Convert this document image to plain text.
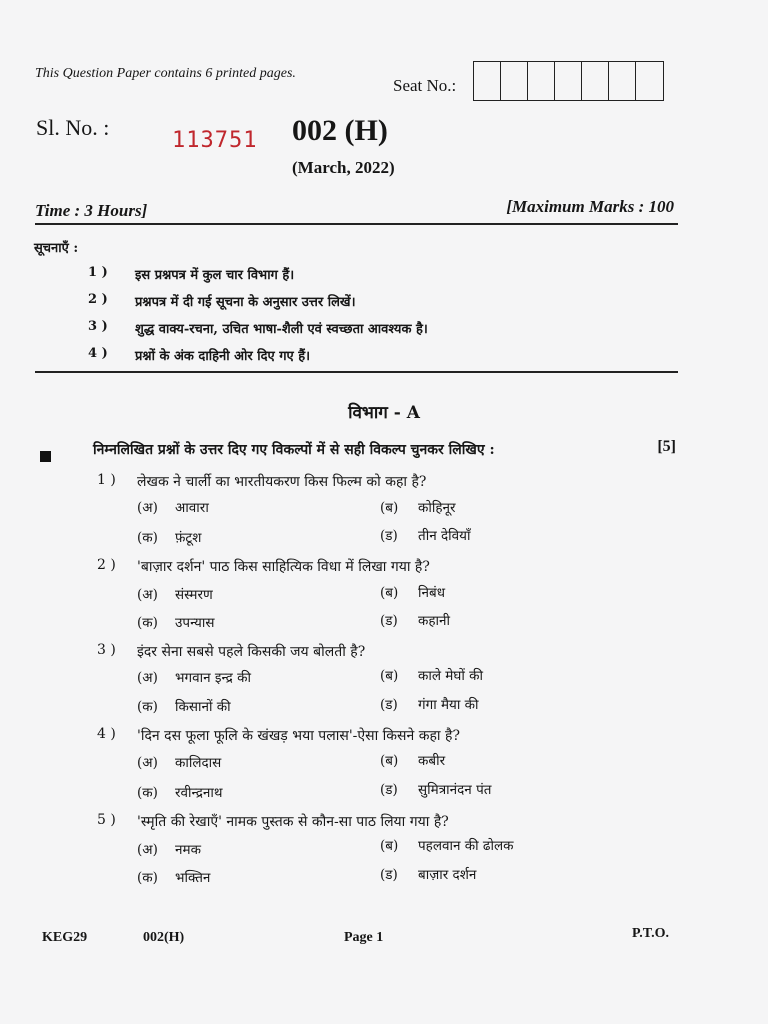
This Question Paper contains 6 printed pages.
Seat No.:
Sl. No. :
113751 002 (H)
(March, 2022)
Time : 3 Hours]	[Maximum Marks : 100
सूचनाएँ :
1 )	इस प्रश्नपत्र में कुल चार विभाग हैं।
2 )	प्रश्नपत्र में दी गई सूचना के अनुसार उत्तर लिखें।
3 )	शुद्ध वाक्य-रचना, उचित भाषा-शैली एवं स्वच्छता आवश्यक है।
4 )	प्रश्नों के अंक दाहिनी ओर दिए गए हैं।
विभाग - A
निम्नलिखित प्रश्नों के उत्तर दिए गए विकल्पों में से सही विकल्प चुनकर लिखिए :	[5]
1 )	लेखक ने चार्ली का भारतीयकरण किस फिल्म को कहा है?
(अ)	आवारा	(ब)	कोहिनूर
(क)	फ़ंटूश	(ड)	तीन देवियाँ
2 )	'बाज़ार दर्शन' पाठ किस साहित्यिक विधा में लिखा गया है?
(अ)	संस्मरण	(ब)	निबंध
(क)	उपन्यास	(ड)	कहानी
3 )	इंदर सेना सबसे पहले किसकी जय बोलती है?
(अ)	भगवान इन्द्र की	(ब)	काले मेघों की
(क)	किसानों की	(ड)	गंगा मैया की
4 )	'दिन दस फूला फूलि के खंखड़ भया पलास'-ऐसा किसने कहा है?
(अ)	कालिदास	(ब)	कबीर
(क)	रवीन्द्रनाथ	(ड)	सुमित्रानंदन पंत
5 )	'स्मृति की रेखाएँ' नामक पुस्तक से कौन-सा पाठ लिया गया है?
(अ)	नमक	(ब)	पहलवान की ढोलक
(क)	भक्तिन	(ड)	बाज़ार दर्शन
KEG29	002(H)	Page 1	P.T.O.
